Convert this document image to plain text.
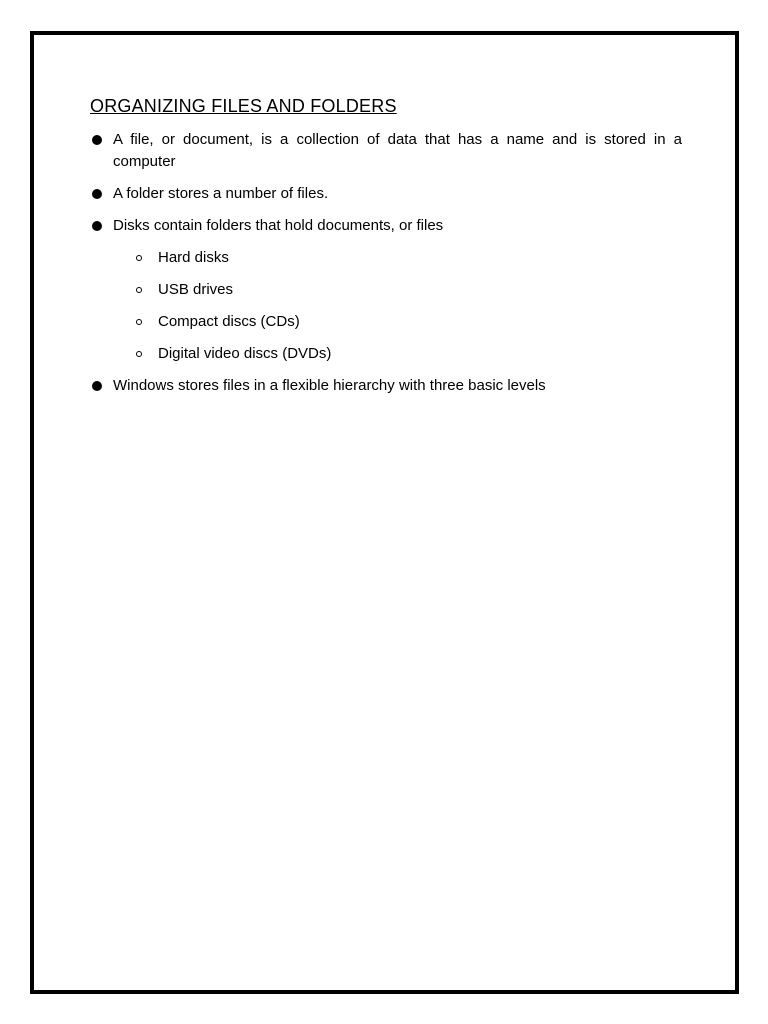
ORGANIZING FILES AND FOLDERS
A file, or document, is a collection of data that has a name and is stored in a computer
A folder stores a number of files.
Disks contain folders that hold documents, or files
Hard disks
USB drives
Compact discs (CDs)
Digital video discs (DVDs)
Windows stores files in a flexible hierarchy with three basic levels
